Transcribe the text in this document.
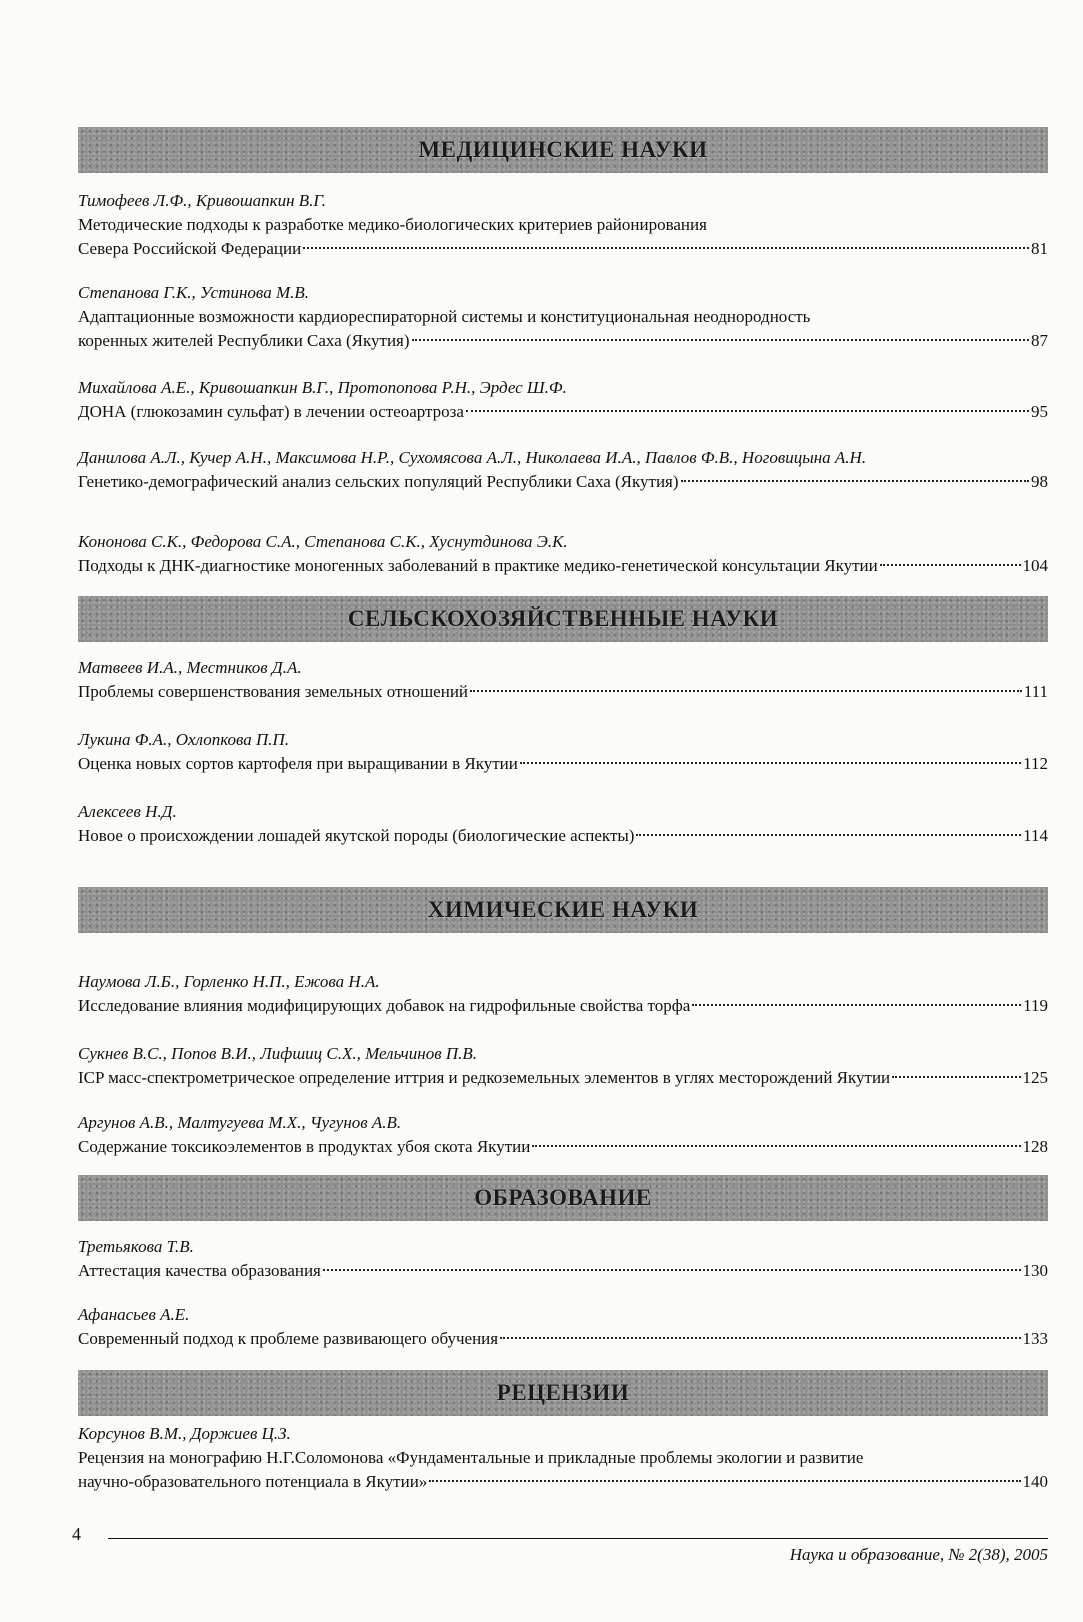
МЕДИЦИНСКИЕ НАУКИ
Тимофеев Л.Ф., Кривошапкин В.Г.
Методические подходы к разработке медико-биологических критериев районирования
Севера Российской Федерации	81
Степанова Г.К., Устинова М.В.
Адаптационные возможности кардиореспираторной системы и конституциональная неоднородность
коренных жителей Республики Саха (Якутия)	87
Михайлова А.Е., Кривошапкин В.Г., Протопопова Р.Н., Эрдес Ш.Ф.
ДОНА (глюкозамин сульфат) в лечении остеоартроза	95
Данилова А.Л., Кучер А.Н., Максимова Н.Р., Сухомясова А.Л., Николаева И.А., Павлов Ф.В., Ноговицына А.Н.
Генетико-демографический анализ сельских популяций Республики Саха (Якутия)	98
Кононова С.К., Федорова С.А., Степанова С.К., Хуснутдинова Э.К.
Подходы к ДНК-диагностике моногенных заболеваний в практике медико-генетической консультации Якутии	104
СЕЛЬСКОХОЗЯЙСТВЕННЫЕ НАУКИ
Матвеев И.А., Местников Д.А.
Проблемы совершенствования земельных отношений	111
Лукина Ф.А., Охлопкова П.П.
Оценка новых сортов картофеля при выращивании в Якутии	112
Алексеев Н.Д.
Новое о происхождении лошадей якутской породы (биологические аспекты)	114
ХИМИЧЕСКИЕ НАУКИ
Наумова Л.Б., Горленко Н.П., Ежова Н.А.
Исследование влияния модифицирующих добавок на гидрофильные свойства торфа	119
Сукнев В.С., Попов В.И., Лифшиц С.Х., Мельчинов П.В.
ICP масс-спектрометрическое определение иттрия и редкоземельных элементов в углях месторождений Якутии	125
Аргунов А.В., Малтугуева М.Х., Чугунов А.В.
Содержание токсикоэлементов в продуктах убоя скота Якутии	128
ОБРАЗОВАНИЕ
Третьякова Т.В.
Аттестация качества образования	130
Афанасьев А.Е.
Современный подход к проблеме развивающего обучения	133
РЕЦЕНЗИИ
Корсунов В.М., Доржиев Ц.З.
Рецензия на монографию Н.Г.Соломонова «Фундаментальные и прикладные проблемы экологии и развитие
научно-образовательного потенциала в Якутии»	140
4
Наука и образование, № 2(38), 2005
